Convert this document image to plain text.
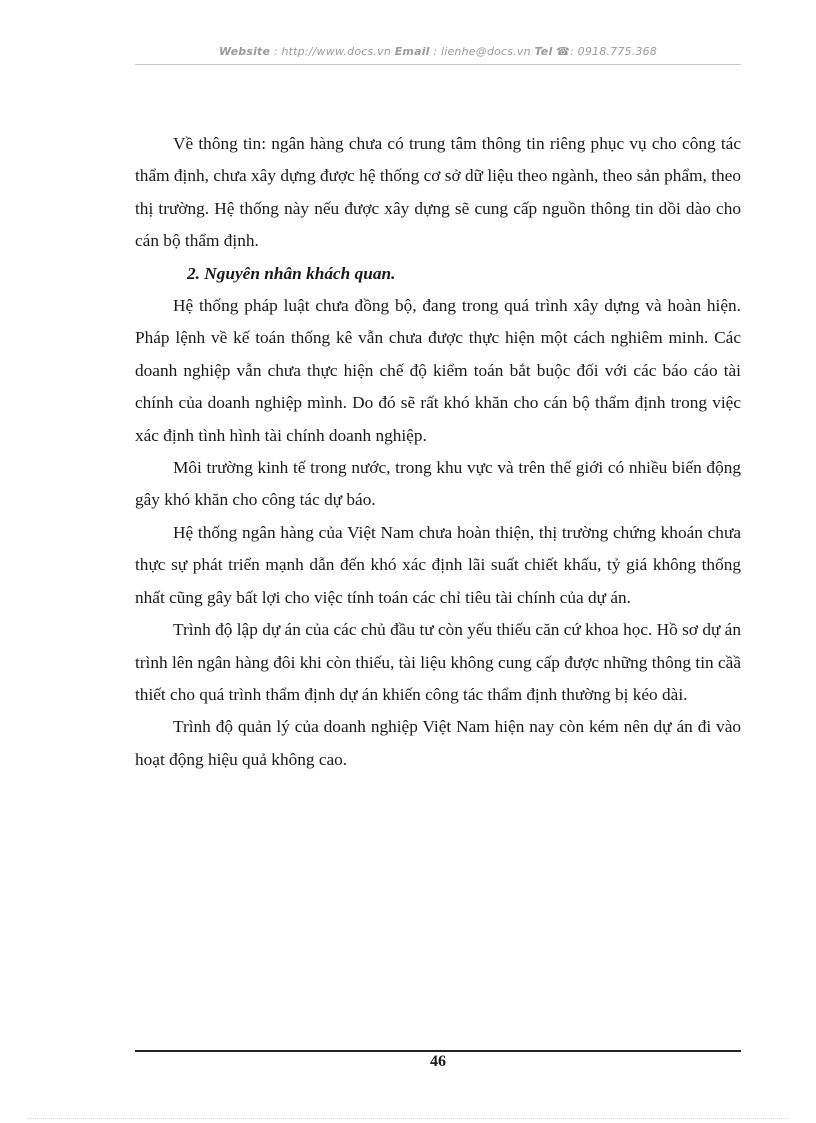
Website : http://www.docs.vn Email : lienhe@docs.vn Tel ☎: 0918.775.368

Về thông tin: ngân hàng chưa có trung tâm thông tin riêng phục vụ cho công tác thẩm định, chưa xây dựng được hệ thống cơ sở dữ liệu theo ngành, theo sản phẩm, theo thị trường. Hệ thống này nếu được xây dựng sẽ cung cấp nguồn thông tin dồi dào cho cán bộ thẩm định.

2. Nguyên nhân khách quan.

Hệ thống pháp luật chưa đồng bộ, đang trong quá trình xây dựng và hoàn hiện. Pháp lệnh về kế toán thống kê vẫn chưa được thực hiện một cách nghiêm minh. Các doanh nghiệp vẫn chưa thực hiện chế độ kiểm toán bắt buộc đối với các báo cáo tài chính của doanh nghiệp mình. Do đó sẽ rất khó khăn cho cán bộ thẩm định trong việc xác định tình hình tài chính doanh nghiệp.

Môi trường kinh tế trong nước, trong khu vực và trên thế giới có nhiều biến động gây khó khăn cho công tác dự báo.

Hệ thống ngân hàng của Việt Nam chưa hoàn thiện, thị trường chứng khoán chưa thực sự phát triển mạnh dẫn đến khó xác định lãi suất chiết khấu, tỷ giá không thống nhất cũng gây bất lợi cho việc tính toán các chỉ tiêu tài chính của dự án.

Trình độ lập dự án của các chủ đầu tư còn yếu thiếu căn cứ khoa học. Hồ sơ dự án trình lên ngân hàng đôi khi còn thiếu, tài liệu không cung cấp được những thông tin cầầ thiết cho quá trình thẩm định dự án khiến công tác thẩm định thường bị kéo dài.

Trình độ quản lý của doanh nghiệp Việt Nam hiện nay còn kém nên dự án đi vào hoạt động hiệu quả không cao.

46
